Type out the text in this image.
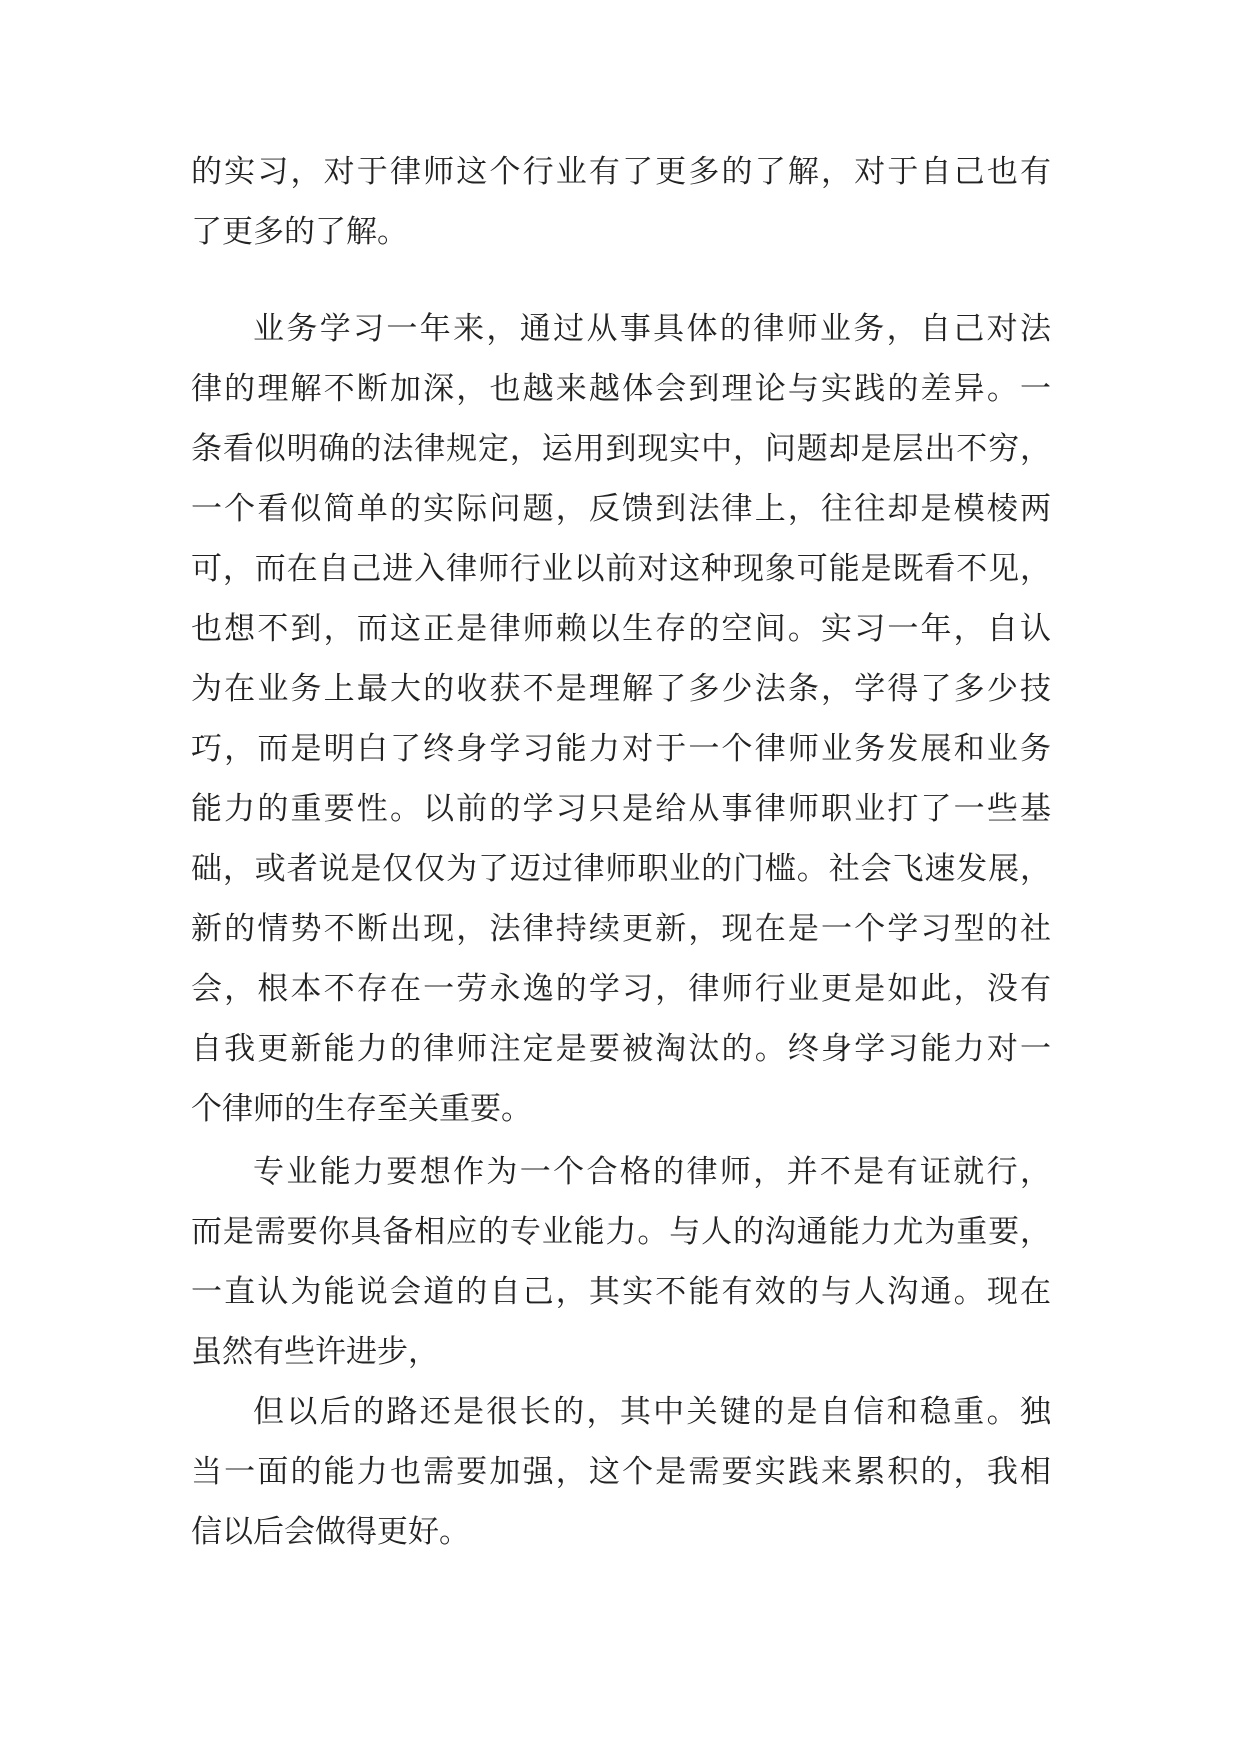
的实习，对于律师这个行业有了更多的了解，对于自己也有
了更多的了解。
业务学习一年来，通过从事具体的律师业务，自己对法
律的理解不断加深，也越来越体会到理论与实践的差异。一
条看似明确的法律规定，运用到现实中，问题却是层出不穷，
一个看似简单的实际问题，反馈到法律上，往往却是模棱两
可，而在自己进入律师行业以前对这种现象可能是既看不见，
也想不到，而这正是律师赖以生存的空间。实习一年，自认
为在业务上最大的收获不是理解了多少法条，学得了多少技
巧，而是明白了终身学习能力对于一个律师业务发展和业务
能力的重要性。以前的学习只是给从事律师职业打了一些基
础，或者说是仅仅为了迈过律师职业的门槛。社会飞速发展，
新的情势不断出现，法律持续更新，现在是一个学习型的社
会，根本不存在一劳永逸的学习，律师行业更是如此，没有
自我更新能力的律师注定是要被淘汰的。终身学习能力对一
个律师的生存至关重要。
专业能力要想作为一个合格的律师，并不是有证就行，
而是需要你具备相应的专业能力。与人的沟通能力尤为重要，
一直认为能说会道的自己，其实不能有效的与人沟通。现在
虽然有些许进步，
但以后的路还是很长的，其中关键的是自信和稳重。独
当一面的能力也需要加强，这个是需要实践来累积的，我相
信以后会做得更好。
